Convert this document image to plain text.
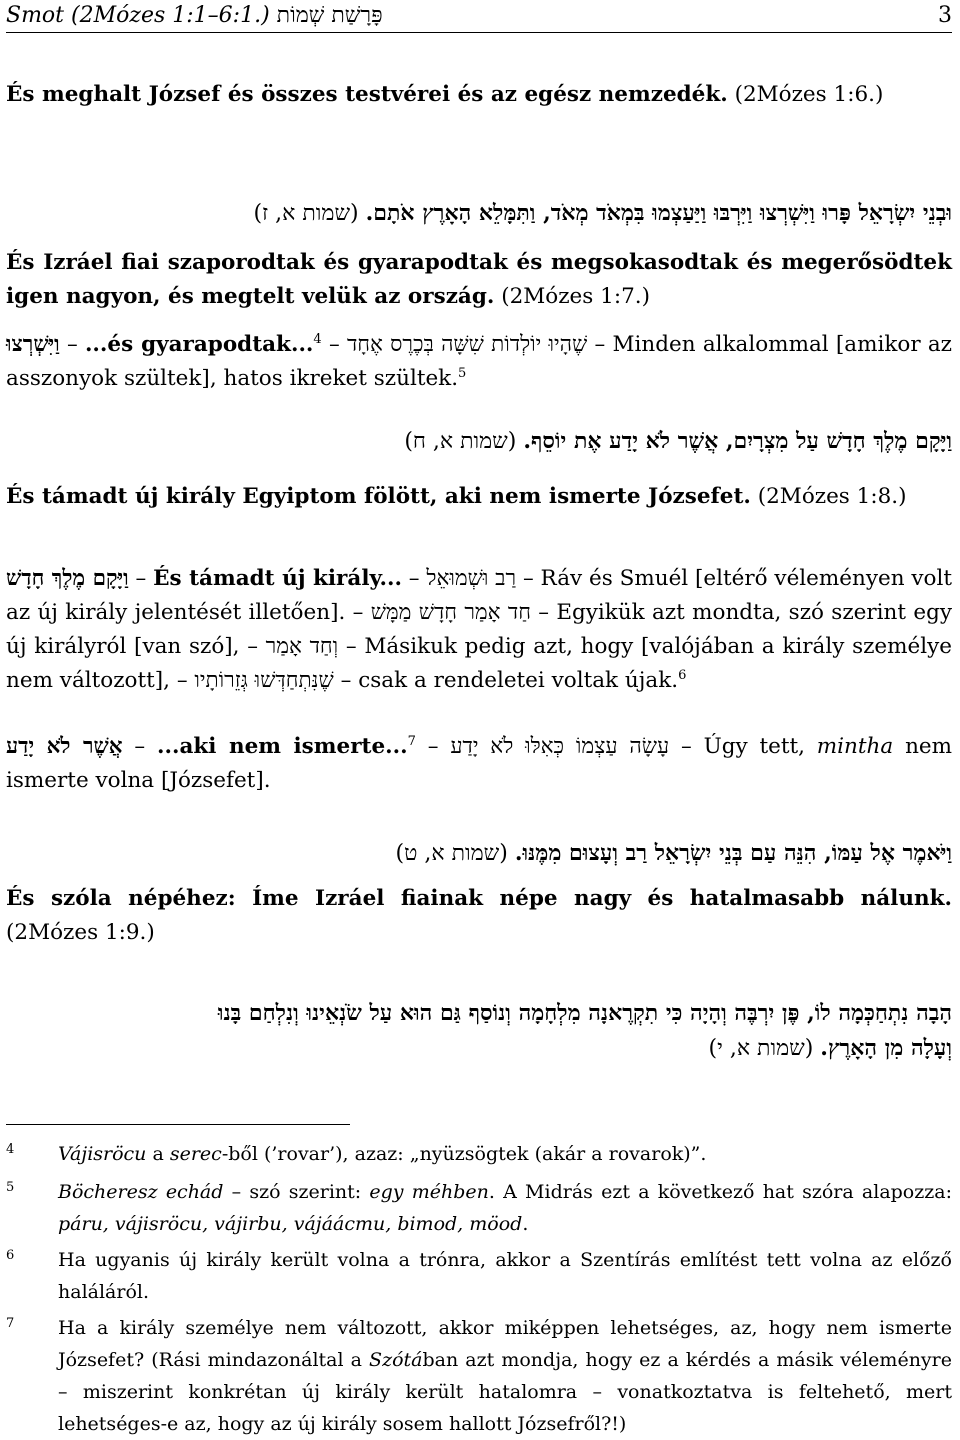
Smot (2Mózes 1:1–6:1.) פָּרָשַׁת שְׁמוֹת	3
És meghalt József és összes testvérei és az egész nemzedék. (2Mózes 1:6.)
וּבְנֵי יִשְׂרָאֵל פָּרוּ וַיִּשְׁרְצוּ וַיִּרְבּוּ וַיַּעַצְמוּ בִּמְאֹד מְאֹד, וַתִּמָּלֵא הָאָרֶץ אֹתָם. (שמות א, ז)
És Izráel fiai szaporodtak és gyarapodtak és megsokasodtak és megerősödtek igen nagyon, és megtelt velük az ország. (2Mózes 1:7.)
וַיִּשְׁרְצוּ – ...és gyarapodtak...$^4$ – שֶׁהָיוּ יוֹלְדוֹת שִׁשָּׁה בְּכֶרֶס אֶחָד – Minden alkalommal [amikor az asszonyok szültek], hatos ikreket szültek.$^5$
וַיָּקָם מֶלֶךְ חָדָשׁ עַל מִצְרָיִם, אֲשֶׁר לֹא יָדַע אֶת יוֹסֵף. (שמות א, ח)
És támadt új király Egyiptom fölött, aki nem ismerte Józsefet. (2Mózes 1:8.)
וַיָּקָם מֶלֶךְ חָדָשׁ – És támadt új király... – רַב וּשְׁמוּאֵל – Ráv és Smuél [eltérő véleményen volt az új király jelentését illetően]. – חַד אָמַר חָדָשׁ מַמָּשׁ – Egyikük azt mondta, szó szerint egy új királyról [van szó], – וְחַד אָמַר – Másikuk pedig azt, hogy [valójában a király személye nem változott], – שֶׁנִּתְחַדְּשׁוּ גְּזֵרוֹתָיו – csak a rendeletei voltak újak.$^6$
אֲשֶׁר לֹא יָדַע – ...aki nem ismerte...$^7$ – עָשָׂה עַצְמוֹ כְּאִלּוּ לֹא יָדַע – Úgy tett, mintha nem ismerte volna [Józsefet].
וַיֹּאמֶר אֶל עַמּוֹ, הִנֵּה עַם בְּנֵי יִשְׂרָאֵל רַב וְעָצוּם מִמֶּנּוּ. (שמות א, ט)
És szóla népéhez: Íme Izráel fiainak népe nagy és hatalmasabb nálunk. (2Mózes 1:9.)
הָבָה נִתְחַכְּמָה לוֹ, פֶּן יִרְבֶּה וְהָיָה כִּי תִקְרֶאנָה מִלְחָמָה וְנוֹסַף גַּם הוּא עַל שֹׂנְאֵינוּ וְנִלְחַם בָּנוּ
וְעָלָה מִן הָאָרֶץ. (שמות א, י)
4 Vájisröcu a serec-ből (’rovar’), azaz: „nyüzsögtek (akár a rovarok)”.
5 Böcheresz echád – szó szerint: egy méhben. A Midrás ezt a következő hat szóra alapozza: páru, vájisröcu, vájirbu, vájáácmu, bimod, möod.
6 Ha ugyanis új király került volna a trónra, akkor a Szentírás említést tett volna az előző haláláról.
7 Ha a király személye nem változott, akkor miképpen lehetséges, az, hogy nem ismerte Józsefet? (Rási mindazonáltal a Szótában azt mondja, hogy ez a kérdés a másik véleményre – miszerint konkrétan új király került hatalomra – vonatkoztatva is feltehető, mert lehetséges-e az, hogy az új király sosem hallott Józsefről?!)
